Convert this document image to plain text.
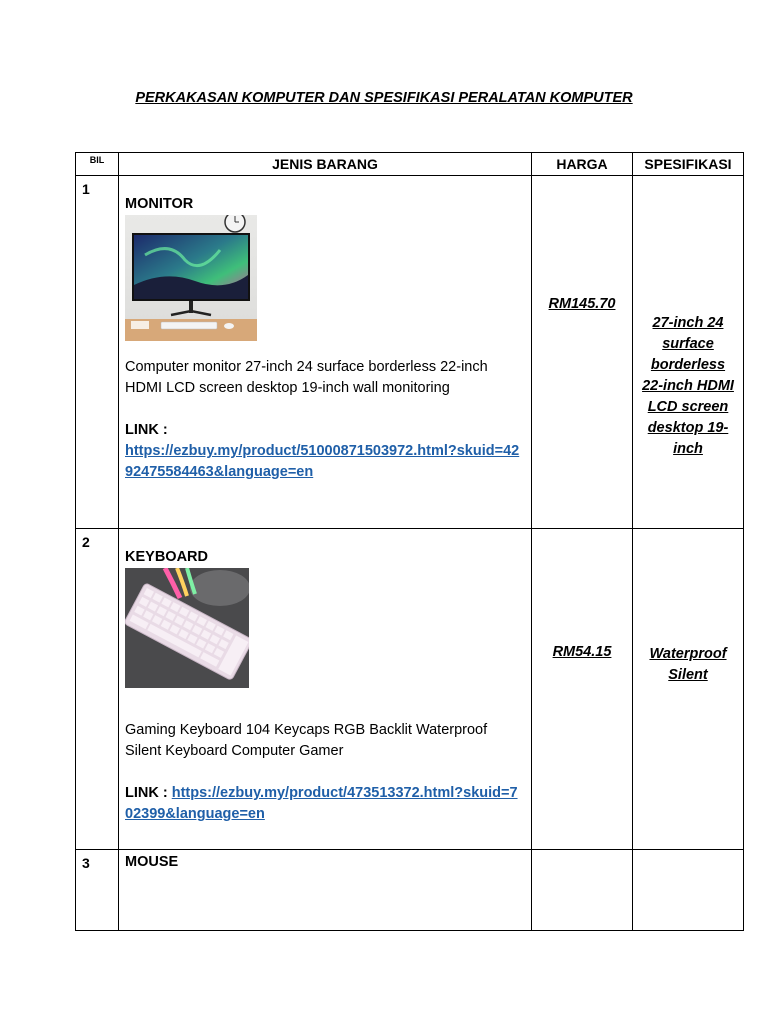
PERKAKASAN KOMPUTER DAN SPESIFIKASI PERALATAN KOMPUTER
BIL	JENIS BARANG	HARGA	SPESIFIKASI
1	MONITOR
Computer monitor 27-inch 24 surface borderless 22-inch HDMI LCD screen desktop 19-inch wall monitoring
LINK :
https://ezbuy.my/product/51000871503972.html?skuid=4292475584463&language=en	RM145.70	27-inch 24 surface borderless 22-inch HDMI LCD screen desktop 19-inch
2	KEYBOARD
Gaming Keyboard 104 Keycaps RGB Backlit Waterproof Silent Keyboard Computer Gamer
LINK : https://ezbuy.my/product/473513372.html?skuid=702399&language=en	RM54.15	Waterproof Silent
3	MOUSE		
